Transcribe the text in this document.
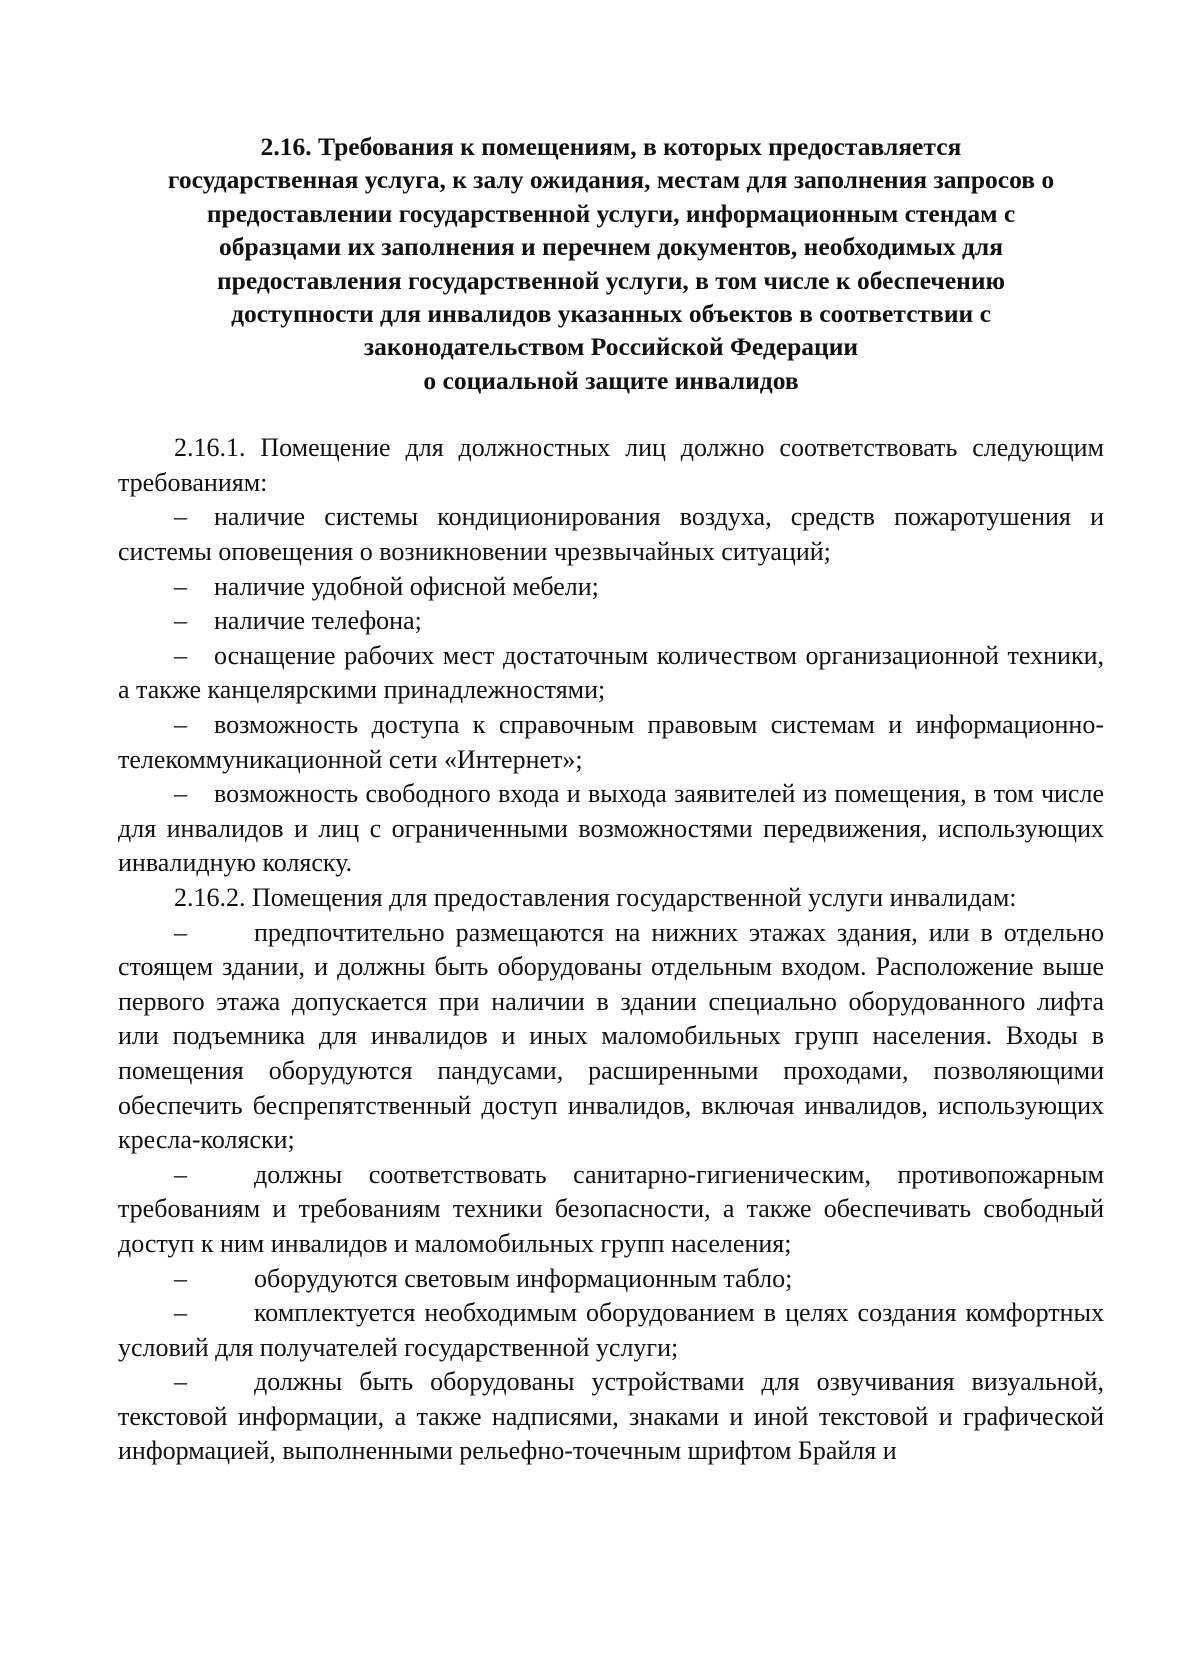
2.16. Требования к помещениям, в которых предоставляется
государственная услуга, к залу ожидания, местам для заполнения запросов о
предоставлении государственной услуги, информационным стендам с
образцами их заполнения и перечнем документов, необходимых для
предоставления государственной услуги, в том числе к обеспечению
доступности для инвалидов указанных объектов в соответствии с
законодательством Российской Федерации
о социальной защите инвалидов

2.16.1. Помещение для должностных лиц должно соответствовать следующим требованиям:

– наличие системы кондиционирования воздуха, средств пожаротушения и системы оповещения о возникновении чрезвычайных ситуаций;

– наличие удобной офисной мебели;

– наличие телефона;

– оснащение рабочих мест достаточным количеством организационной техники, а также канцелярскими принадлежностями;

– возможность доступа к справочным правовым системам и информационно-телекоммуникационной сети «Интернет»;

– возможность свободного входа и выхода заявителей из помещения, в том числе для инвалидов и лиц с ограниченными возможностями передвижения, использующих инвалидную коляску.

2.16.2. Помещения для предоставления государственной услуги инвалидам:

–	предпочтительно размещаются на нижних этажах здания, или в отдельно стоящем здании, и должны быть оборудованы отдельным входом. Расположение выше первого этажа допускается при наличии в здании специально оборудованного лифта или подъемника для инвалидов и иных маломобильных групп населения. Входы в помещения оборудуются пандусами, расширенными проходами, позволяющими обеспечить беспрепятственный доступ инвалидов, включая инвалидов, использующих кресла-коляски;

–	должны соответствовать санитарно-гигиеническим, противопожарным требованиям и требованиям техники безопасности, а также обеспечивать свободный доступ к ним инвалидов и маломобильных групп населения;

–	оборудуются световым информационным табло;

–	комплектуется необходимым оборудованием в целях создания комфортных условий для получателей государственной услуги;

–	должны быть оборудованы устройствами для озвучивания визуальной, текстовой информации, а также надписями, знаками и иной текстовой и графической информацией, выполненными рельефно-точечным шрифтом Брайля и
